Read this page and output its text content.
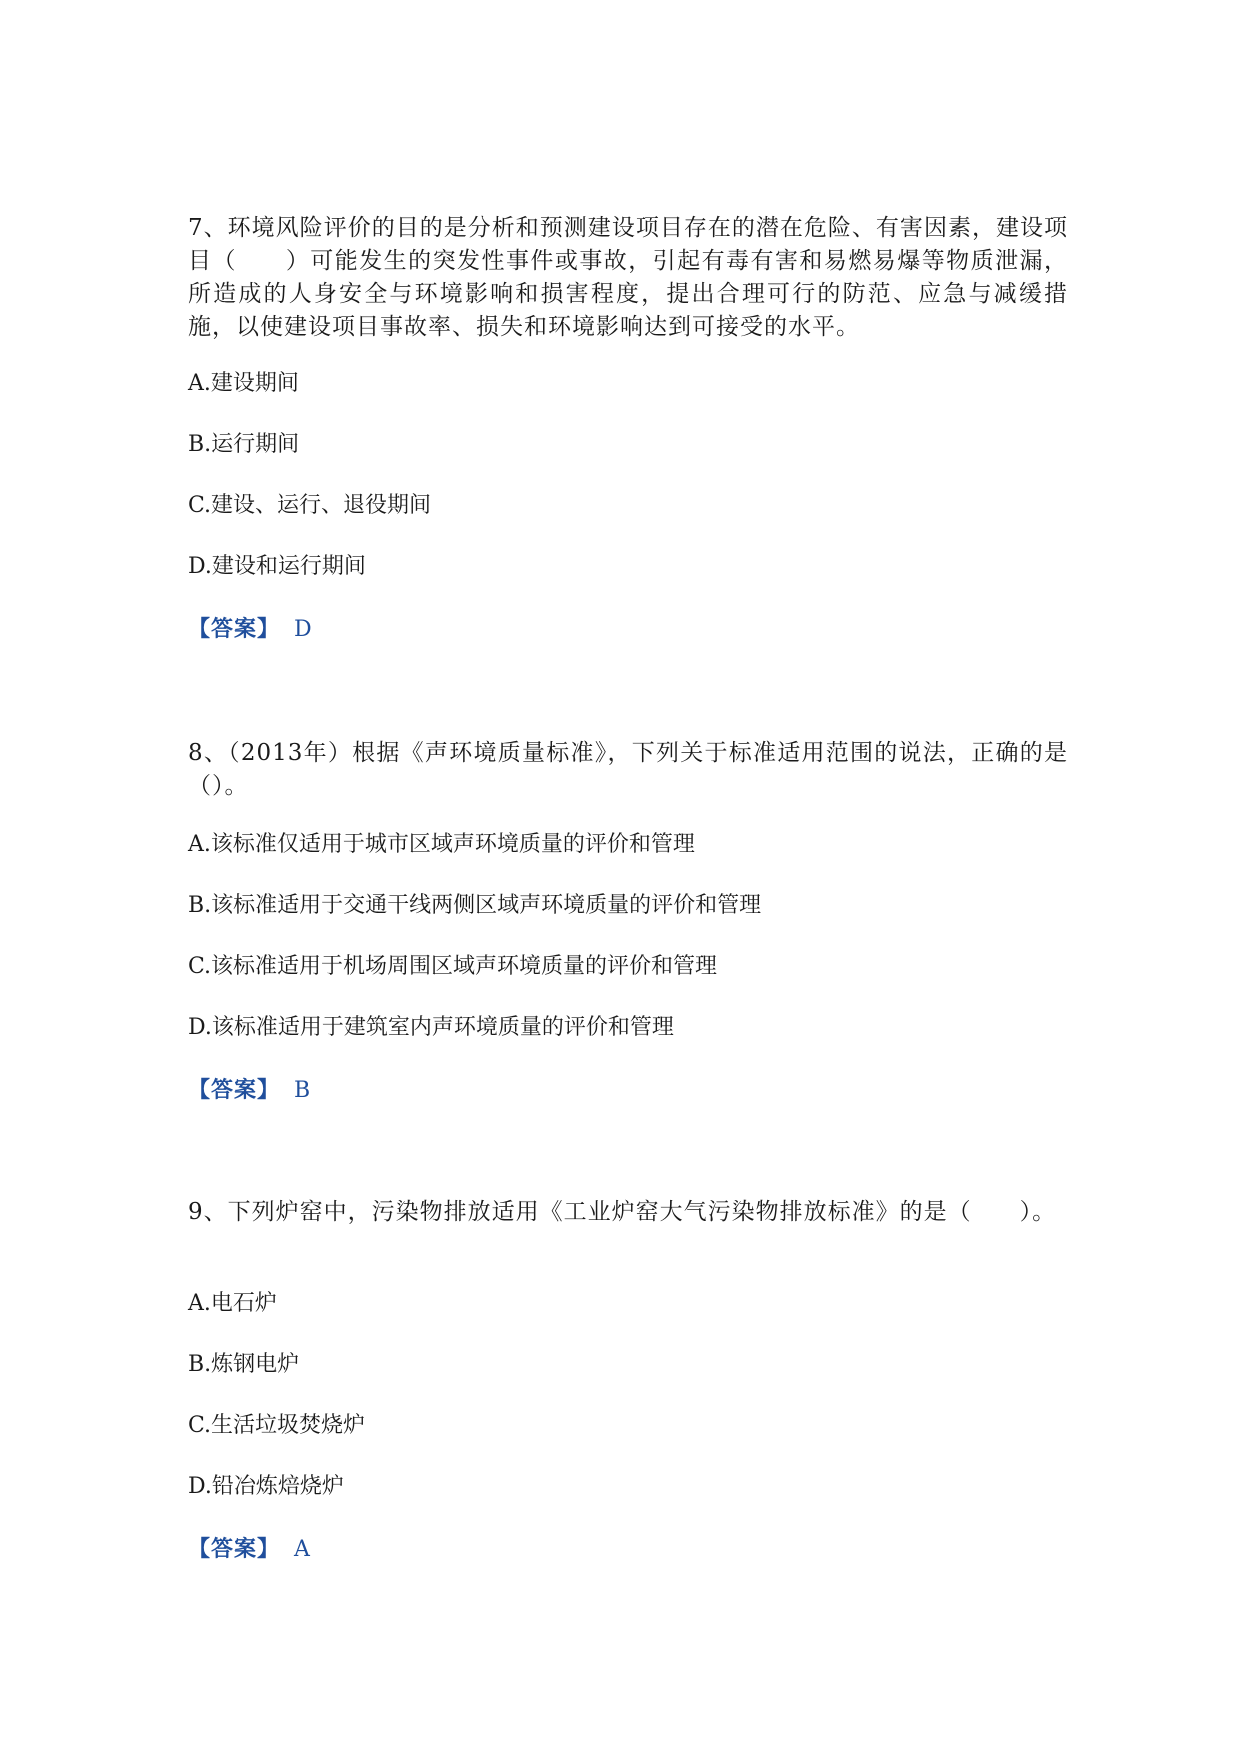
7、环境风险评价的目的是分析和预测建设项目存在的潜在危险、有害因素，建设项目（　　）可能发生的突发性事件或事故，引起有毒有害和易燃易爆等物质泄漏，所造成的人身安全与环境影响和损害程度，提出合理可行的防范、应急与减缓措施，以使建设项目事故率、损失和环境影响达到可接受的水平。

A.建设期间

B.运行期间

C.建设、运行、退役期间

D.建设和运行期间

【答案】 D

8、（2013年）根据《声环境质量标准》，下列关于标准适用范围的说法，正确的是（）。

A.该标准仅适用于城市区域声环境质量的评价和管理

B.该标准适用于交通干线两侧区域声环境质量的评价和管理

C.该标准适用于机场周围区域声环境质量的评价和管理

D.该标准适用于建筑室内声环境质量的评价和管理

【答案】 B

9、下列炉窑中，污染物排放适用《工业炉窑大气污染物排放标准》的是（　　）。

A.电石炉

B.炼钢电炉

C.生活垃圾焚烧炉

D.铅冶炼焙烧炉

【答案】 A
